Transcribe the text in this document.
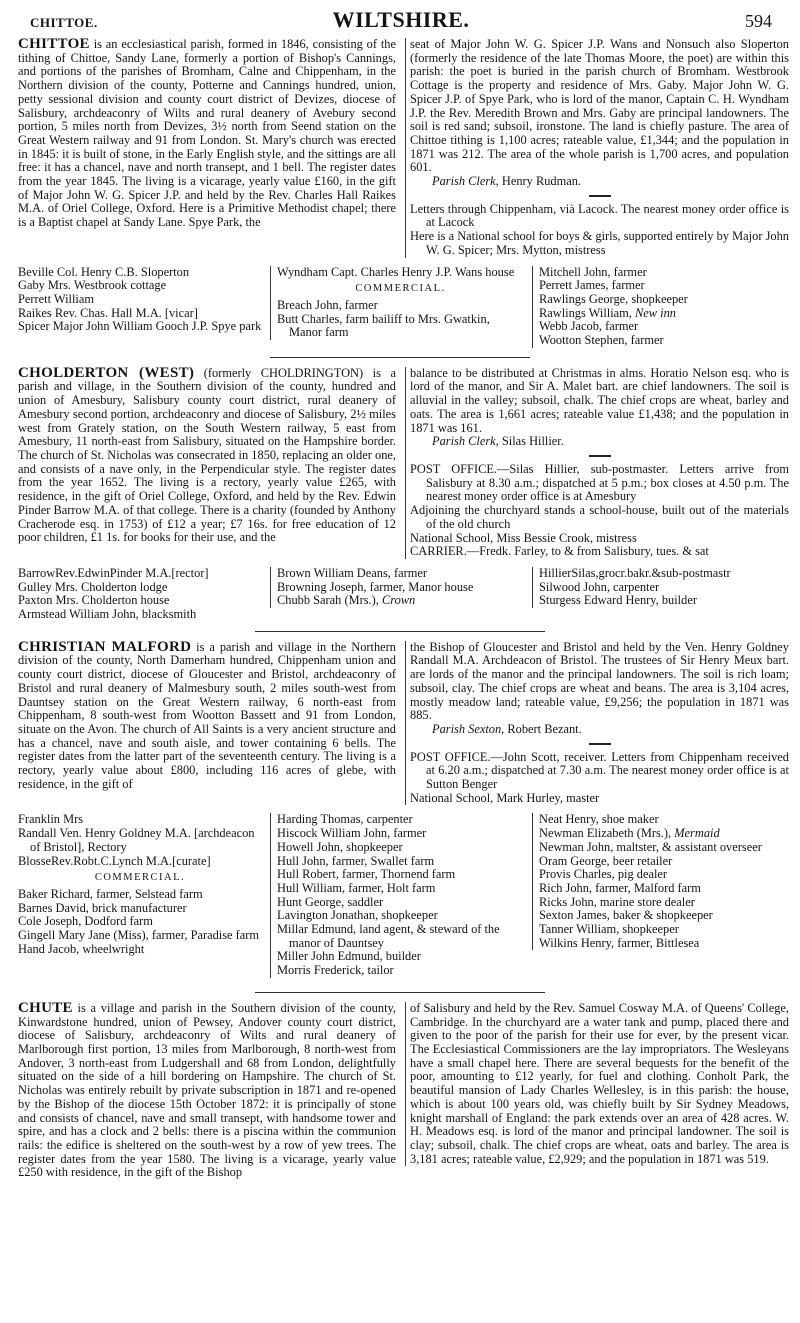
CHITTOE.	WILTSHIRE.	594

CHITTOE is an ecclesiastical parish, formed in 1846, consisting of the tithing of Chittoe, Sandy Lane, formerly a portion of Bishop's Cannings, and portions of the parishes of Bromham, Calne and Chippenham, in the Northern division of the county, Potterne and Cannings hundred, union, petty sessional division and county court district of Devizes, diocese of Salisbury, archdeaconry of Wilts and rural deanery of Avebury second portion, 5 miles north from Devizes, 3½ north from Seend station on the Great Western railway and 91 from London. St. Mary's church was erected in 1845: it is built of stone, in the Early English style, and the sittings are all free: it has a chancel, nave and north transept, and 1 bell. The register dates from the year 1845. The living is a vicarage, yearly value £160, in the gift of Major John W. G. Spicer J.P. and held by the Rev. Charles Hall Raikes M.A. of Oriel College, Oxford. Here is a Primitive Methodist chapel; there is a Baptist chapel at Sandy Lane. Spye Park, the

seat of Major John W. G. Spicer J.P. Wans and Nonsuch also Sloperton (formerly the residence of the late Thomas Moore, the poet) are within this parish: the poet is buried in the parish church of Bromham. Westbrook Cottage is the property and residence of Mrs. Gaby. Major John W. G. Spicer J.P. of Spye Park, who is lord of the manor, Captain C. H. Wyndham J.P. the Rev. Meredith Brown and Mrs. Gaby are principal landowners. The soil is red sand; subsoil, ironstone. The land is chiefly pasture. The area of Chittoe tithing is 1,100 acres; rateable value, £1,344; and the population in 1871 was 212. The area of the whole parish is 1,700 acres, and population 601.

Parish Clerk, Henry Rudman.

Letters through Chippenham, vià Lacock. The nearest money order office is at Lacock

Here is a National school for boys & girls, supported entirely by Major John W. G. Spicer; Mrs. Mytton, mistress

Beville Col. Henry C.B. Sloperton
Gaby Mrs. Westbrook cottage
Perrett William
Raikes Rev. Chas. Hall M.A. [vicar]
Spicer Major John William Gooch J.P. Spye park
Wyndham Capt. Charles Henry J.P. Wans house
COMMERCIAL.
Breach John, farmer
Butt Charles, farm bailiff to Mrs. Gwatkin, Manor farm
Mitchell John, farmer
Perrett James, farmer
Rawlings George, shopkeeper
Rawlings William, New inn
Webb Jacob, farmer
Wootton Stephen, farmer

CHOLDERTON (WEST) (formerly CHOLDRINGTON) is a parish and village, in the Southern division of the county, hundred and union of Amesbury, Salisbury county court district, rural deanery of Amesbury second portion, archdeaconry and diocese of Salisbury, 2½ miles west from Grately station, on the South Western railway, 5 east from Amesbury, 11 north-east from Salisbury, situated on the Hampshire border. The church of St. Nicholas was consecrated in 1850, replacing an older one, and consists of a nave only, in the Perpendicular style. The register dates from the year 1652. The living is a rectory, yearly value £265, with residence, in the gift of Oriel College, Oxford, and held by the Rev. Edwin Pinder Barrow M.A. of that college. There is a charity (founded by Anthony Cracherode esq. in 1753) of £12 a year; £7 16s. for free education of 12 poor children, £1 1s. for books for their use, and the

balance to be distributed at Christmas in alms. Horatio Nelson esq. who is lord of the manor, and Sir A. Malet bart. are chief landowners. The soil is alluvial in the valley; subsoil, chalk. The chief crops are wheat, barley and oats. The area is 1,661 acres; rateable value £1,438; and the population in 1871 was 161.

Parish Clerk, Silas Hillier.

POST OFFICE.—Silas Hillier, sub-postmaster. Letters arrive from Salisbury at 8.30 a.m.; dispatched at 5 p.m.; box closes at 4.50 p.m. The nearest money order office is at Amesbury

Adjoining the churchyard stands a school-house, built out of the materials of the old church

National School, Miss Bessie Crook, mistress

CARRIER.—Fredk. Farley, to & from Salisbury, tues. & sat

BarrowRev.EdwinPinder M.A.[rector]
Gulley Mrs. Cholderton lodge
Paxton Mrs. Cholderton house
Armstead William John, blacksmith
Brown William Deans, farmer
Browning Joseph, farmer, Manor house
Chubb Sarah (Mrs.), Crown
HillierSilas,grocr.bakr.&sub-postmastr
Silwood John, carpenter
Sturgess Edward Henry, builder

CHRISTIAN MALFORD is a parish and village in the Northern division of the county, North Damerham hundred, Chippenham union and county court district, diocese of Gloucester and Bristol, archdeaconry of Bristol and rural deanery of Malmesbury south, 2 miles south-west from Dauntsey station on the Great Western railway, 6 north-east from Chippenham, 8 south-west from Wootton Bassett and 91 from London, situate on the Avon. The church of All Saints is a very ancient structure and has a chancel, nave and south aisle, and tower containing 6 bells. The register dates from the latter part of the seventeenth century. The living is a rectory, yearly value about £800, including 116 acres of glebe, with residence, in the gift of

the Bishop of Gloucester and Bristol and held by the Ven. Henry Goldney Randall M.A. Archdeacon of Bristol. The trustees of Sir Henry Meux bart. are lords of the manor and the principal landowners. The soil is rich loam; subsoil, clay. The chief crops are wheat and beans. The area is 3,104 acres, mostly meadow land; rateable value, £9,256; the population in 1871 was 885.

Parish Sexton, Robert Bezant.

POST OFFICE.—John Scott, receiver. Letters from Chippenham received at 6.20 a.m.; dispatched at 7.30 a.m. The nearest money order office is at Sutton Benger

National School, Mark Hurley, master

Franklin Mrs
Randall Ven. Henry Goldney M.A. [archdeacon of Bristol], Rectory
BlosseRev.Robt.C.Lynch M.A.[curate]
COMMERCIAL.
Baker Richard, farmer, Selstead farm
Barnes David, brick manufacturer
Cole Joseph, Dodford farm
Gingell Mary Jane (Miss), farmer, Paradise farm
Hand Jacob, wheelwright
Harding Thomas, carpenter
Hiscock William John, farmer
Howell John, shopkeeper
Hull John, farmer, Swallet farm
Hull Robert, farmer, Thornend farm
Hull William, farmer, Holt farm
Hunt George, saddler
Lavington Jonathan, shopkeeper
Millar Edmund, land agent, & steward of the manor of Dauntsey
Miller John Edmund, builder
Morris Frederick, tailor
Neat Henry, shoe maker
Newman Elizabeth (Mrs.), Mermaid
Newman John, maltster, & assistant overseer
Oram George, beer retailer
Provis Charles, pig dealer
Rich John, farmer, Malford farm
Ricks John, marine store dealer
Sexton James, baker & shopkeeper
Tanner William, shopkeeper
Wilkins Henry, farmer, Bittlesea

CHUTE is a village and parish in the Southern division of the county, Kinwardstone hundred, union of Pewsey, Andover county court district, diocese of Salisbury, archdeaconry of Wilts and rural deanery of Marlborough first portion, 13 miles from Marlborough, 8 north-west from Andover, 3 north-east from Ludgershall and 68 from London, delightfully situated on the side of a hill bordering on Hampshire. The church of St. Nicholas was entirely rebuilt by private subscription in 1871 and re-opened by the Bishop of the diocese 15th October 1872: it is principally of stone and consists of chancel, nave and small transept, with handsome tower and spire, and has a clock and 2 bells: there is a piscina within the communion rails: the edifice is sheltered on the south-west by a row of yew trees. The register dates from the year 1580. The living is a vicarage, yearly value £250 with residence, in the gift of the Bishop

of Salisbury and held by the Rev. Samuel Cosway M.A. of Queens' College, Cambridge. In the churchyard are a water tank and pump, placed there and given to the poor of the parish for their use for ever, by the present vicar. The Ecclesiastical Commissioners are the lay impropriators. The Wesleyans have a small chapel here. There are several bequests for the benefit of the poor, amounting to £12 yearly, for fuel and clothing. Conholt Park, the beautiful mansion of Lady Charles Wellesley, is in this parish: the house, which is about 100 years old, was chiefly built by Sir Sydney Meadows, knight marshall of England: the park extends over an area of 428 acres. W. H. Meadows esq. is lord of the manor and principal landowner. The soil is clay; subsoil, chalk. The chief crops are wheat, oats and barley. The area is 3,181 acres; rateable value, £2,929; and the population in 1871 was 519.
